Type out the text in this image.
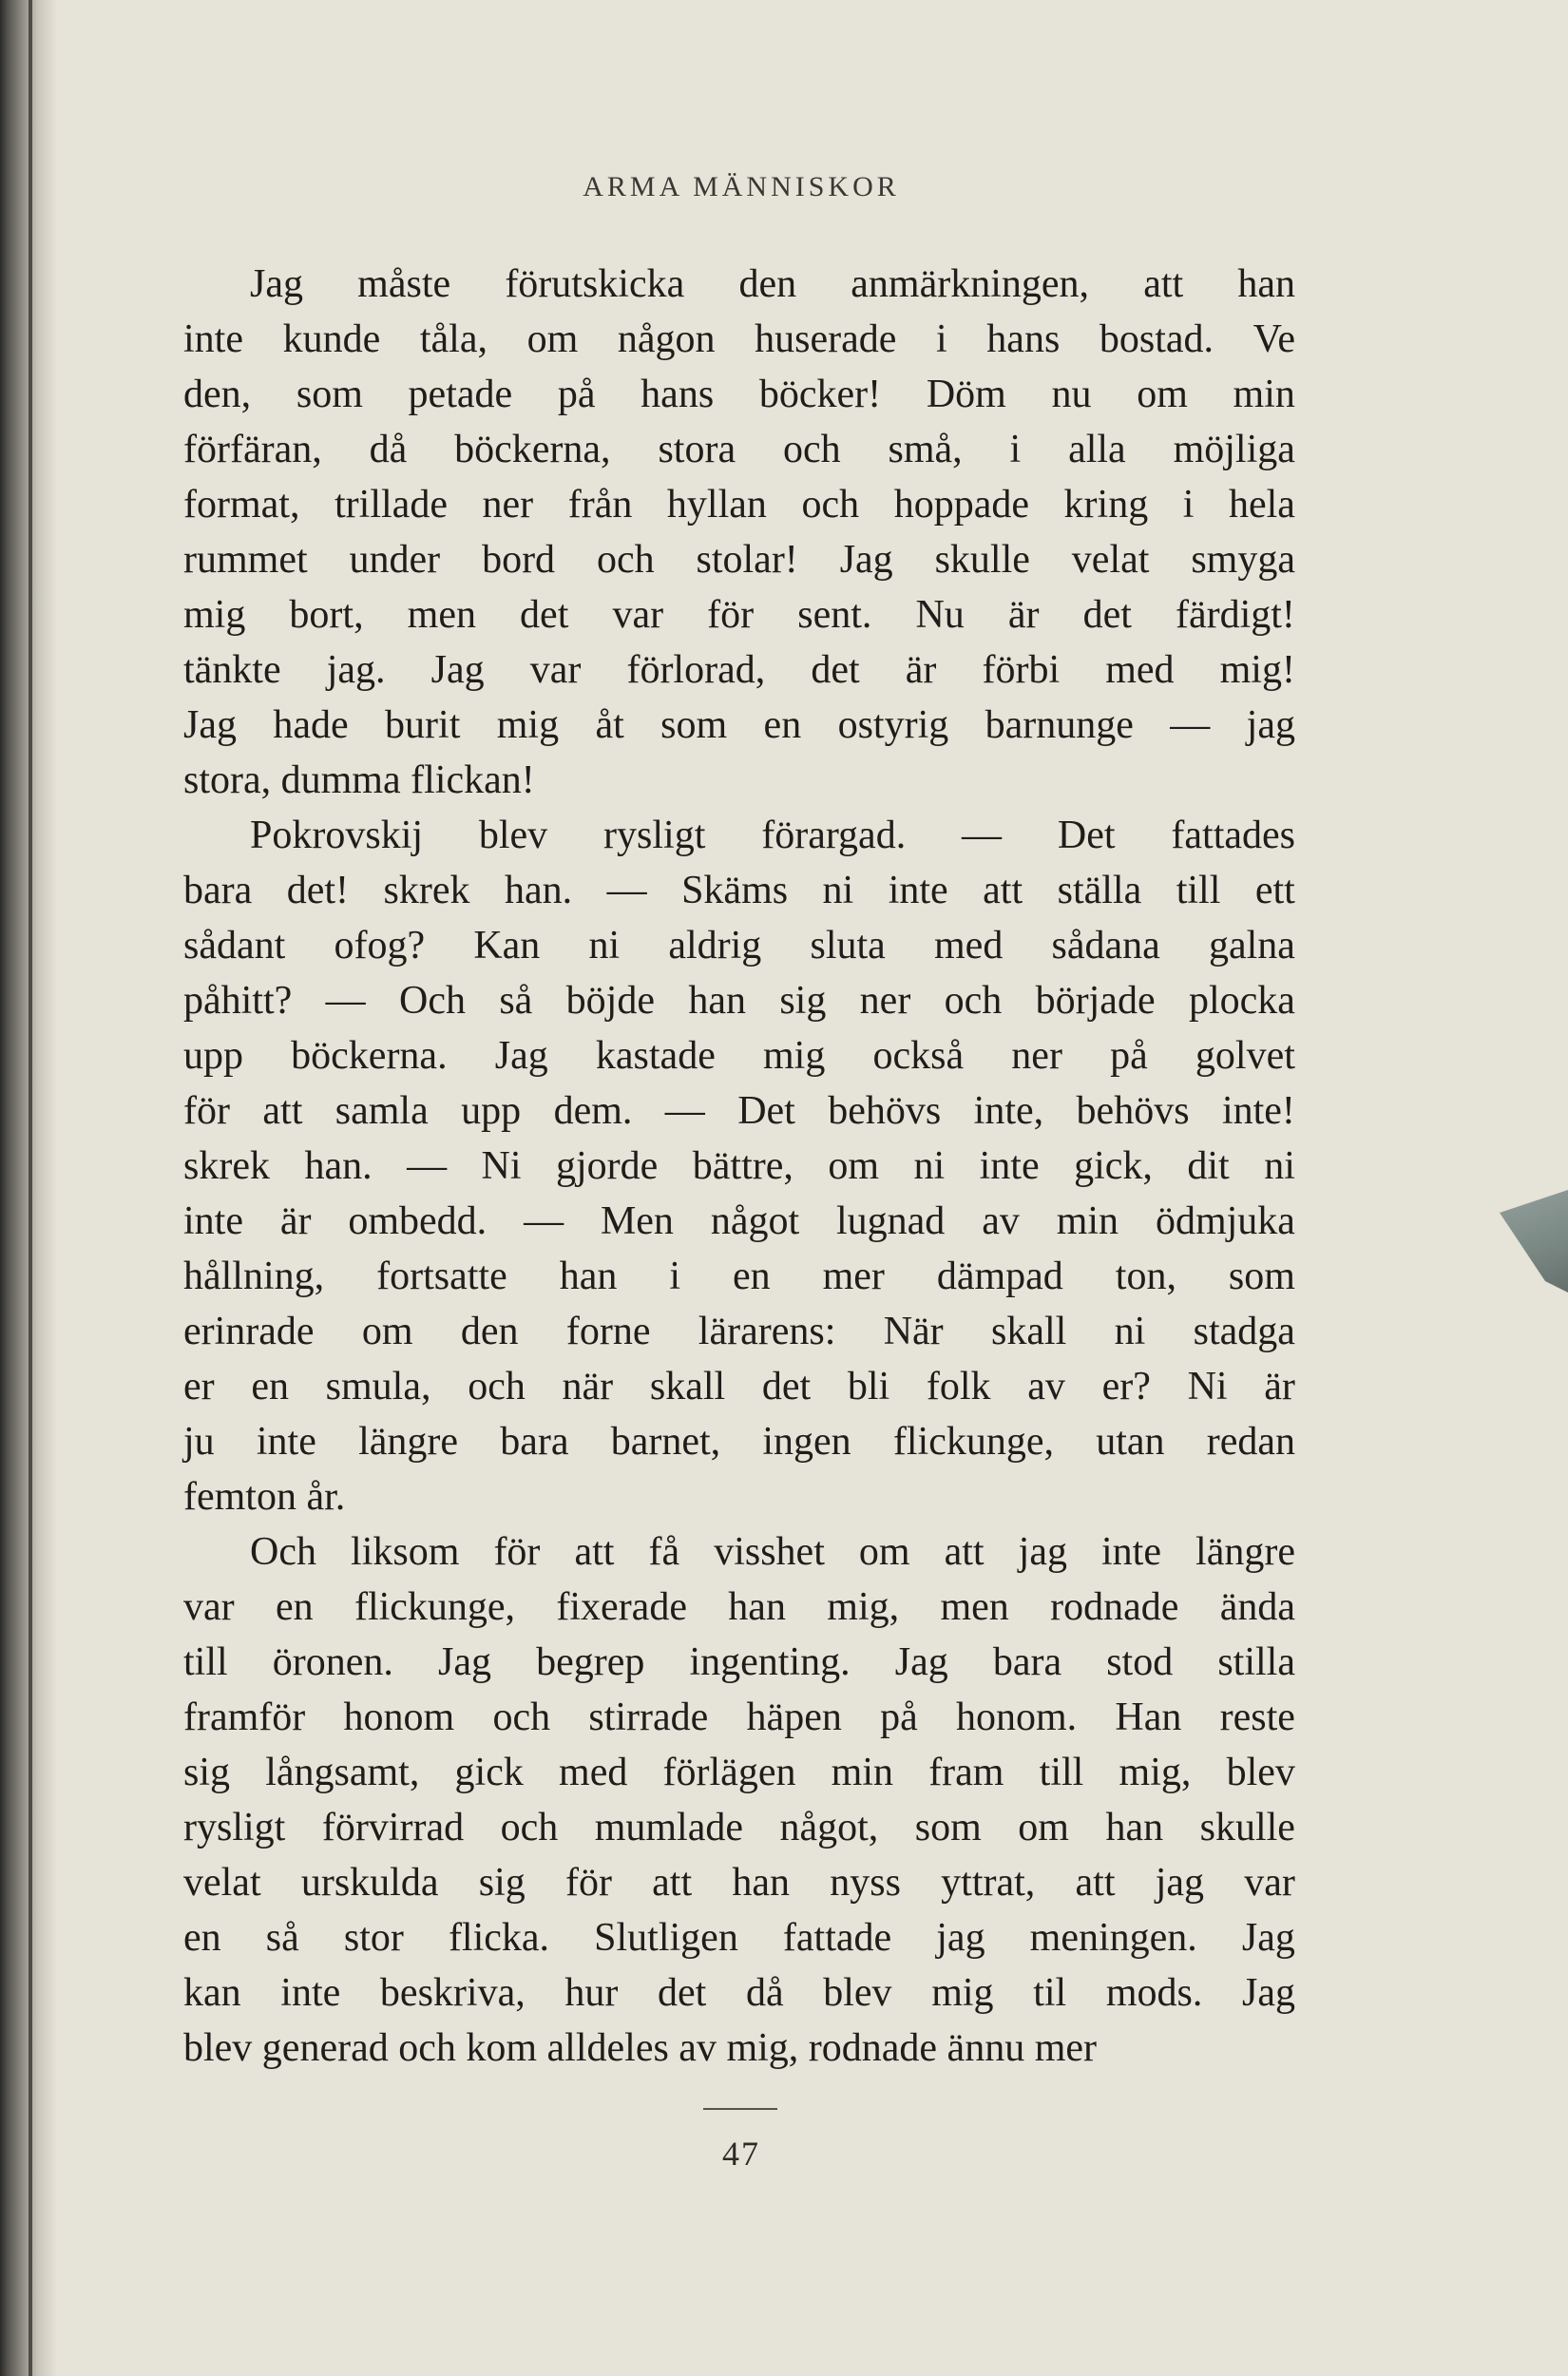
ARMA MÄNNISKOR
Jag måste förutskicka den anmärkningen, att han
inte kunde tåla, om någon huserade i hans bostad. Ve
den, som petade på hans böcker! Döm nu om min
förfäran, då böckerna, stora och små, i alla möjliga
format, trillade ner från hyllan och hoppade kring i hela
rummet under bord och stolar! Jag skulle velat smyga
mig bort, men det var för sent. Nu är det färdigt!
tänkte jag. Jag var förlorad, det är förbi med mig!
Jag hade burit mig åt som en ostyrig barnunge — jag
stora, dumma flickan!
Pokrovskij blev rysligt förargad. — Det fattades
bara det! skrek han. — Skäms ni inte att ställa till ett
sådant ofog? Kan ni aldrig sluta med sådana galna
påhitt? — Och så böjde han sig ner och började plocka
upp böckerna. Jag kastade mig också ner på golvet
för att samla upp dem. — Det behövs inte, behövs inte!
skrek han. — Ni gjorde bättre, om ni inte gick, dit ni
inte är ombedd. — Men något lugnad av min ödmjuka
hållning, fortsatte han i en mer dämpad ton, som
erinrade om den forne lärarens: När skall ni stadga
er en smula, och när skall det bli folk av er? Ni är
ju inte längre bara barnet, ingen flickunge, utan redan
femton år.
Och liksom för att få visshet om att jag inte längre
var en flickunge, fixerade han mig, men rodnade ända
till öronen. Jag begrep ingenting. Jag bara stod stilla
framför honom och stirrade häpen på honom. Han reste
sig långsamt, gick med förlägen min fram till mig, blev
rysligt förvirrad och mumlade något, som om han skulle
velat urskulda sig för att han nyss yttrat, att jag var
en så stor flicka. Slutligen fattade jag meningen. Jag
kan inte beskriva, hur det då blev mig til mods. Jag
blev generad och kom alldeles av mig, rodnade ännu mer
47
